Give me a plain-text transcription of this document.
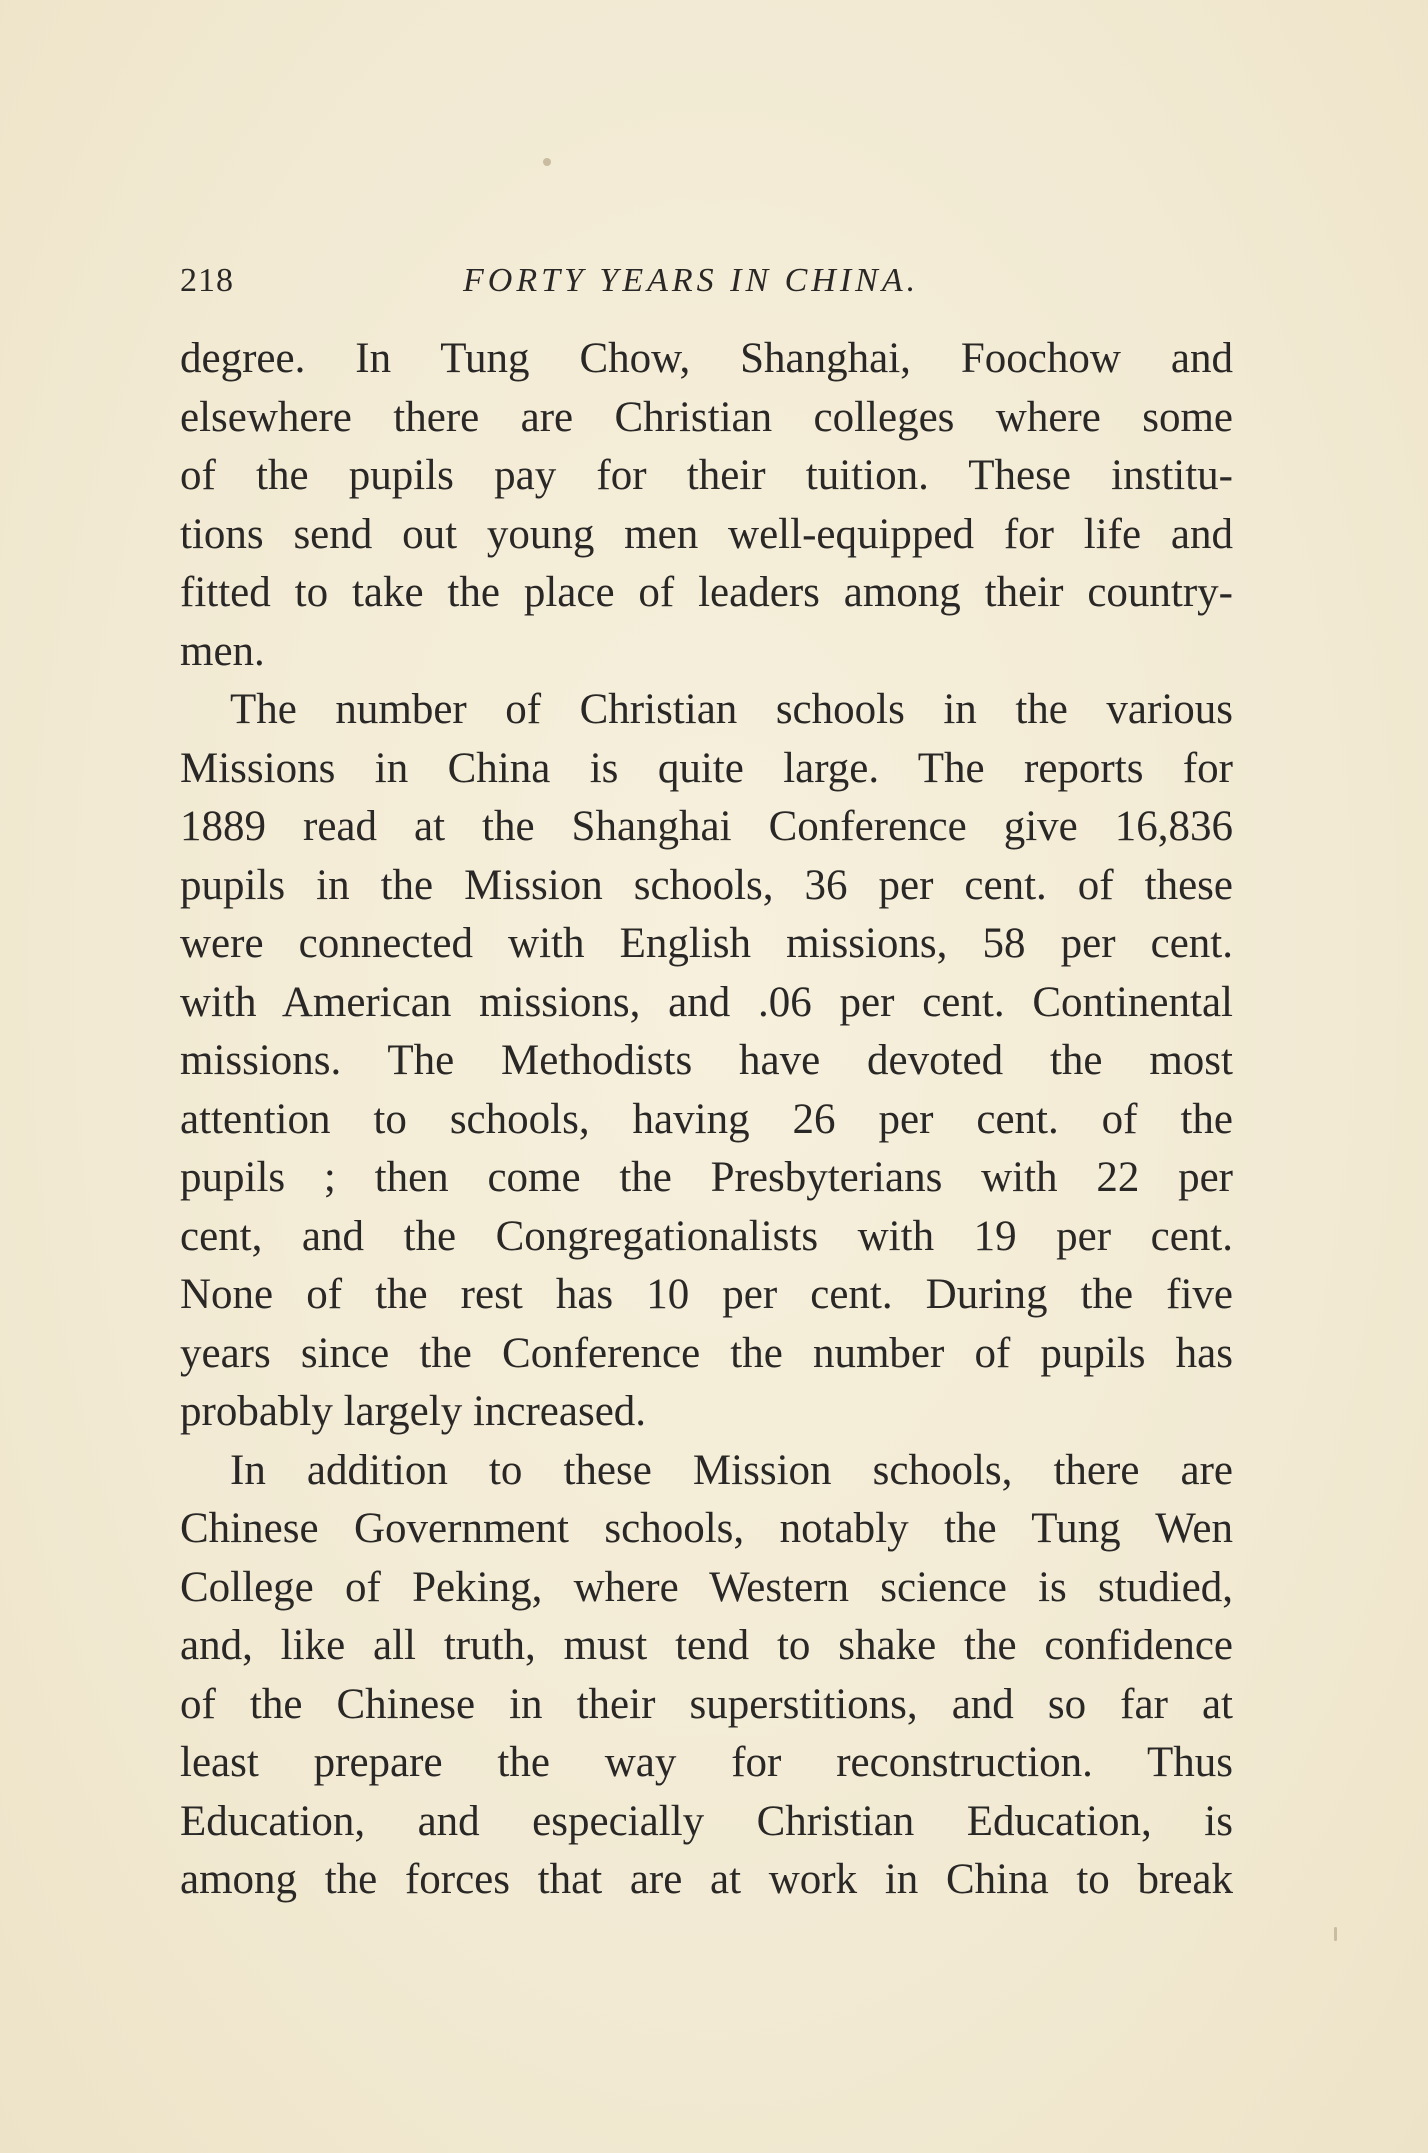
218	FORTY YEARS IN CHINA.
degree. In Tung Chow, Shanghai, Foochow and
elsewhere there are Christian colleges where some
of the pupils pay for their tuition. These institu-
tions send out young men well-equipped for life and
fitted to take the place of leaders among their country-
men.
The number of Christian schools in the various
Missions in China is quite large. The reports for
1889 read at the Shanghai Conference give 16,836
pupils in the Mission schools, 36 per cent. of these
were connected with English missions, 58 per cent.
with American missions, and .06 per cent. Continental
missions. The Methodists have devoted the most
attention to schools, having 26 per cent. of the
pupils ; then come the Presbyterians with 22 per
cent, and the Congregationalists with 19 per cent.
None of the rest has 10 per cent. During the five
years since the Conference the number of pupils has
probably largely increased.
In addition to these Mission schools, there are
Chinese Government schools, notably the Tung Wen
College of Peking, where Western science is studied,
and, like all truth, must tend to shake the confidence
of the Chinese in their superstitions, and so far at
least prepare the way for reconstruction. Thus
Education, and especially Christian Education, is
among the forces that are at work in China to break
